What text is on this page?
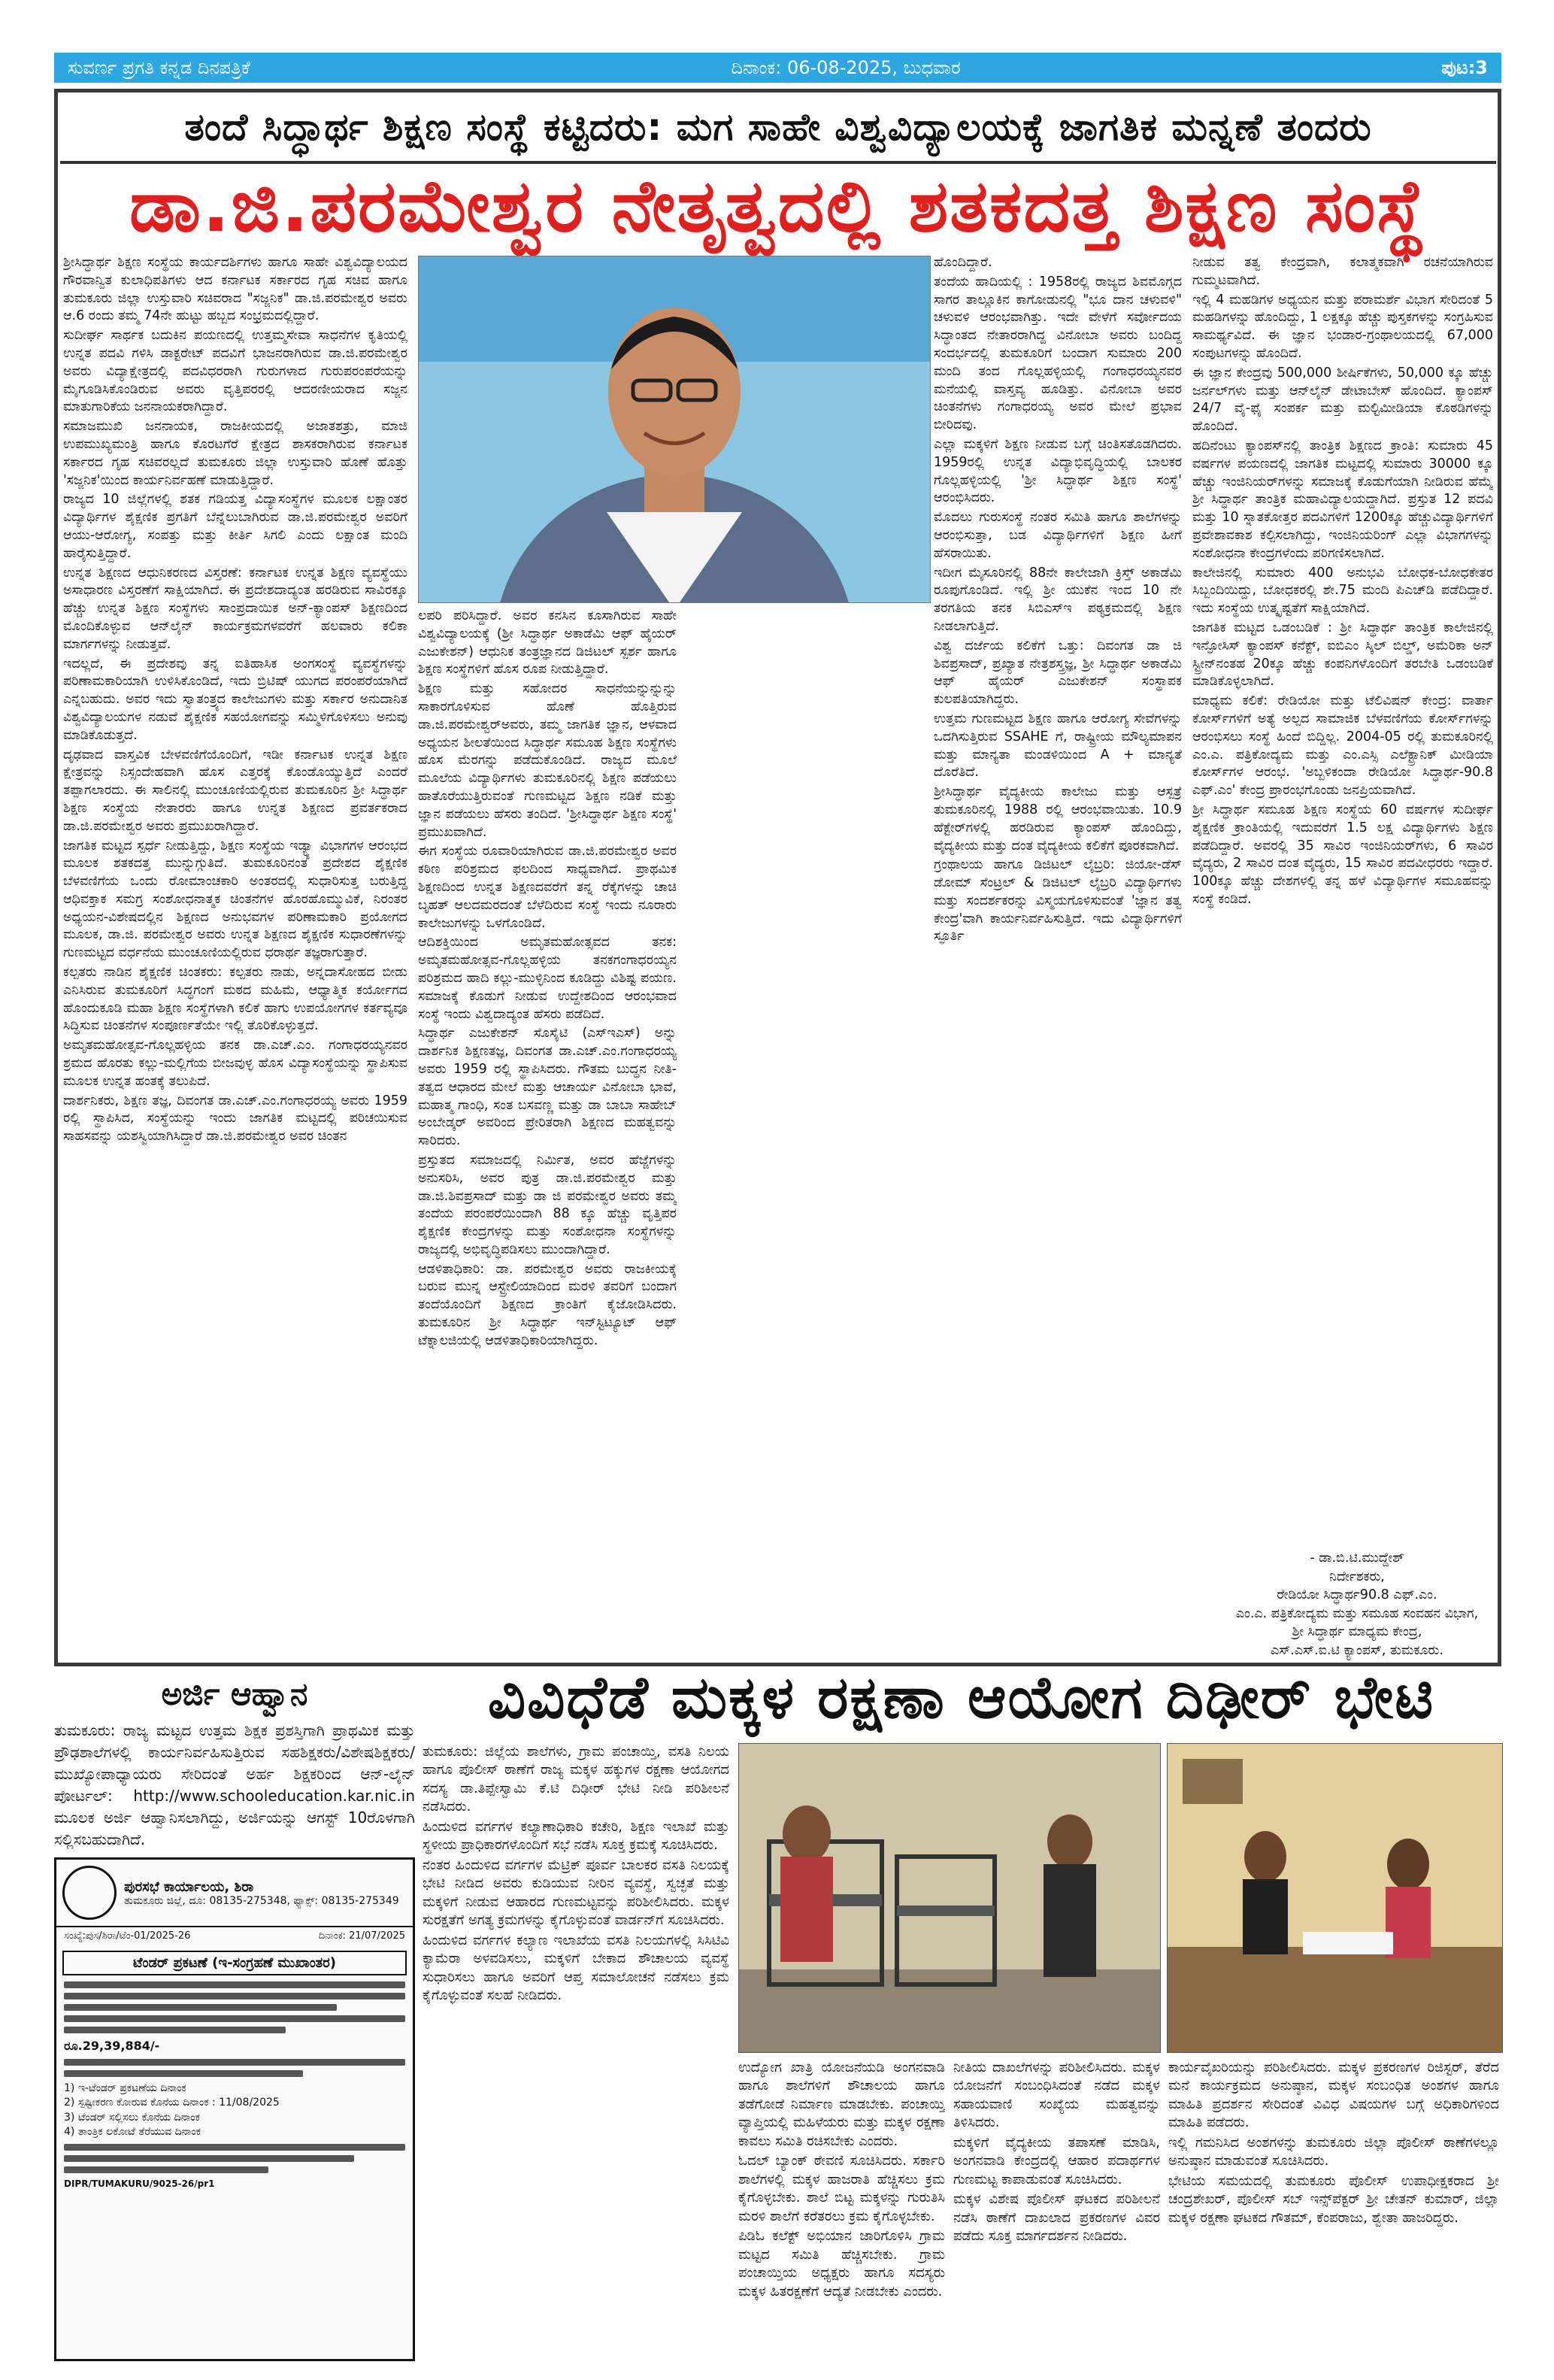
ಸುವರ್ಣ ಪ್ರಗತಿ ಕನ್ನಡ ದಿನಪತ್ರಿಕೆ	ದಿನಾಂಕ: 06-08-2025, ಬುಧವಾರ	ಪುಟ:3
ತಂದೆ ಸಿದ್ಧಾರ್ಥ ಶಿಕ್ಷಣ ಸಂಸ್ಥೆ ಕಟ್ಟಿದರು: ಮಗ ಸಾಹೇ ವಿಶ್ವವಿದ್ಯಾಲಯಕ್ಕೆ ಜಾಗತಿಕ ಮನ್ನಣೆ ತಂದರು
ಡಾ.ಜಿ.ಪರಮೇಶ್ವರ ನೇತೃತ್ವದಲ್ಲಿ ಶತಕದತ್ತ ಶಿಕ್ಷಣ ಸಂಸ್ಥೆ

ಶ್ರೀಸಿದ್ಧಾರ್ಥ ಶಿಕ್ಷಣ ಸಂಸ್ಥೆಯ ಕಾರ್ಯದರ್ಶಿಗಳು ಹಾಗೂ ಸಾಹೇ ವಿಶ್ವವಿದ್ಯಾಲಯದ ಗೌರವಾನ್ವಿತ ಕುಲಾಧಿಪತಿಗಳು ಆದ ಕರ್ನಾಟಕ ಸರ್ಕಾರದ ಗೃಹ ಸಚಿವ ಹಾಗೂ ತುಮಕೂರು ಜಿಲ್ಲಾ ಉಸ್ತುವಾರಿ ಸಚಿವರಾದ "ಸಜ್ಜನಿಕ" ಡಾ.ಜಿ.ಪರಮೇಶ್ವರ ಅವರು ಆ.6 ರಂದು ತಮ್ಮ 74ನೇ ಹುಟ್ಟು ಹಬ್ಬದ ಸಂಭ್ರಮದಲ್ಲಿದ್ದಾರೆ.

ಸುದೀರ್ಘ ಸಾರ್ಥಕ ಬದುಕಿನ ಪಯಣದಲ್ಲಿ ಉತ್ತಮ್ಮಸೇವಾ ಸಾಧನೆಗಳ ಕೃತಿಯಲ್ಲಿ ಉನ್ನತ ಪದವಿ ಗಳಿಸಿ ಡಾಕ್ಟರೇಟ್ ಪದವಿಗೆ ಭಾಜನರಾಗಿರುವ ಡಾ.ಜಿ.ಪರಮೇಶ್ವರ ಅವರು ವಿದ್ಯಾಕ್ಷೇತ್ರದಲ್ಲಿ ಪದವಿಧರರಾಗಿ ಗುರುಗಳಾದ ಗುರುಪರಂಪರೆಯನ್ನು ಮೈಗೂಡಿಸಿಕೊಂಡಿರುವ ಅವರು ವೃತ್ತಿಪರರಲ್ಲಿ ಆದರಣೀಯರಾದ ಸಜ್ಜನ ಮಾತುಗಾರಿಕೆಯ ಜನನಾಯಕರಾಗಿದ್ದಾರೆ.

ಸಮಾಜಮುಖಿ ಜನನಾಯಕ, ರಾಜಕೀಯದಲ್ಲಿ ಅಜಾತಶತ್ರು, ಮಾಜಿ ಉಪಮುಖ್ಯಮಂತ್ರಿ ಹಾಗೂ ಕೊರಟಗೆರೆ ಕ್ಷೇತ್ರದ ಶಾಸಕರಾಗಿರುವ ಕರ್ನಾಟಕ ಸರ್ಕಾರದ ಗೃಹ ಸಚಿವರಲ್ಲದೆ ತುಮಕೂರು ಜಿಲ್ಲಾ ಉಸ್ತುವಾರಿ ಹೊಣೆ ಹೊತ್ತು 'ಸಜ್ಜನಿಕ'ಯಿಂದ ಕಾರ್ಯನಿರ್ವಹಣೆ ಮಾಡುತ್ತಿದ್ದಾರೆ.

ರಾಜ್ಯದ 10 ಜಿಲ್ಲೆಗಳಲ್ಲಿ ಶತಕ ಗಡಿಯತ್ತ ವಿದ್ಯಾಸಂಸ್ಥೆಗಳ ಮೂಲಕ ಲಕ್ಷಾಂತರ ವಿದ್ಯಾರ್ಥಿಗಳ ಶೈಕ್ಷಣಿಕ ಪ್ರಗತಿಗೆ ಬೆನ್ನೆಲುಬಾಗಿರುವ ಡಾ.ಜಿ.ಪರಮೇಶ್ವರ ಅವರಿಗೆ ಆಯು-ಆರೋಗ್ಯ, ಸಂಪತ್ತು ಮತ್ತು ಕೀರ್ತಿ ಸಿಗಲಿ ಎಂದು ಲಕ್ಷಾಂತ ಮಂದಿ ಹಾರೈಸುತ್ತಿದ್ದಾರೆ.

ಉನ್ನತ ಶಿಕ್ಷಣದ ಆಧುನಿಕರಣದ ವಿಸ್ತರಣೆ: ಕರ್ನಾಟಕ ಉನ್ನತ ಶಿಕ್ಷಣ ವ್ಯವಸ್ಥೆಯು ಅಸಾಧಾರಣ ವಿಸ್ತರಣೆಗೆ ಸಾಕ್ಷಿಯಾಗಿದೆ. ಈ ಪ್ರದೇಶದಾದ್ಯಂತ ಹರಡಿರುವ ಸಾವಿರಕ್ಕೂ ಹೆಚ್ಚು ಉನ್ನತ ಶಿಕ್ಷಣ ಸಂಸ್ಥೆಗಳು ಸಾಂಪ್ರದಾಯಿಕ ಅನ್-ಕ್ಯಾಂಪಸ್ ಶಿಕ್ಷಣದಿಂದ ಮೊಂದಿಕೊಳ್ಳುವ ಆನ್‌ಲೈನ್ ಕಾರ್ಯಕ್ರಮಗಳವರೆಗೆ ಹಲವಾರು ಕಲಿಕಾ ಮಾರ್ಗಗಳನ್ನು ನೀಡುತ್ತವೆ.

ಇದಲ್ಲದೆ, ಈ ಪ್ರದೇಶವು ತನ್ನ ಐತಿಹಾಸಿಕ ಅಂಗಸಂಸ್ಥೆ ವ್ಯವಸ್ಥೆಗಳನ್ನು ಪರಿಣಾಮಕಾರಿಯಾಗಿ ಉಳಿಸಿಕೊಂಡಿದೆ, ಇದು ಬ್ರಿಟಿಷ್ ಯುಗದ ಪರಂಪರೆಯಾಗಿದೆ ಎನ್ನಬಹುದು. ಅವರ ಇದು ಸ್ವಾತಂತ್ರ್ಯದ ಕಾಲೇಜುಗಳು ಮತ್ತು ಸರ್ಕಾರ ಅನುದಾನಿತ ವಿಶ್ವವಿದ್ಯಾಲಯಗಳ ನಡುವೆ ಶೈಕ್ಷಣಿಕ ಸಹಯೋಗವನ್ನು ಸಮ್ಮಿಳಿಗೊಳಿಸಲು ಅನುವು ಮಾಡಿಕೊಡುತ್ತದೆ.

ದೃಢವಾದ ವಾಸ್ತವಿಕ ಬೇಳವಣಿಗೆಯೊಂದಿಗೆ, ಇಡೀ ಕರ್ನಾಟಕ ಉನ್ನತ ಶಿಕ್ಷಣ ಕ್ಷೇತ್ರವನ್ನು ನಿಸ್ಸಂದೇಹವಾಗಿ ಹೊಸ ಎತ್ತರಕ್ಕೆ ಕೊಂಡೊಯ್ಯುತ್ತಿದೆ ಎಂದರೆ ತಪ್ಪಾಗಲಾರದು. ಈ ಸಾಲಿನಲ್ಲಿ ಮುಂಚೂಣಿಯಲ್ಲಿರುವ ತುಮಕೂರಿನ ಶ್ರೀ ಸಿದ್ಧಾರ್ಥ ಶಿಕ್ಷಣ ಸಂಸ್ಥೆಯ ನೇತಾರರು ಹಾಗೂ ಉನ್ನತ ಶಿಕ್ಷಣದ ಪ್ರವರ್ತಕರಾದ ಡಾ.ಜಿ.ಪರಮೇಶ್ವರ ಅವರು ಪ್ರಮುಖರಾಗಿದ್ದಾರೆ.

ಜಾಗತಿಕ ಮಟ್ಟದ ಸ್ಪರ್ಧೆ ನೀಡುತ್ತಿದ್ದು, ಶಿಕ್ಷಣ ಸಂಸ್ಥೆಯ ಇಡ್ಯ್ಯಾ ವಿಭಾಗಗಳ ಆರಂಭದ ಮೂಲಕ ಶತಕದತ್ತ ಮುನ್ನುಗ್ಗುತಿದೆ. ತುಮಕೂರಿನಂತ ಪ್ರದೇಶದ ಶೈಕ್ಷಣಿಕ ಬೆಳವಣಿಗೆಯ ಒಂದು ರೋಮಾಂಚಕಾರಿ ಅಂತರದಲ್ಲಿ ಸುಧಾರಿಸುತ್ತ ಬರುತ್ತಿದ್ದ ಆಧಿವಕ್ತಾಕ ಸಮಗ್ರ ಸಂಶೋಧನಾತ್ಮಕ ಚಿಂತನೆಗಳ ಹೊರಹೊಮ್ಮುವಿಕೆ, ನಿರಂತರ ಅಧ್ಯಯನ-ವಿಶೇಷದಲ್ಲಿನ ಶಿಕ್ಷಣದ ಅನುಭವಗಳ ಪರಿಣಾಮಕಾರಿ ಪ್ರಯೋಗದ ಮೂಲಕ, ಡಾ.ಜಿ. ಪರಮೇಶ್ವರ ಅವರು ಉನ್ನತ ಶಿಕ್ಷಣದ ಶೈಕ್ಷಣಿಕ ಸುಧಾರಣೆಗಳನ್ನು ಗುಣಮಟ್ಟದ ವರ್ಧನೆಯ ಮುಂಚೂಣಿಯಲ್ಲಿರುವ ಧರಾರ್ಥ ತಜ್ಞರಾಗುತ್ತಾರೆ.

ಕಲ್ಪತರು ನಾಡಿನ ಶೈಕ್ಷಣಿಕ ಚಿಂತಕರು: ಕಲ್ಪತರು ನಾಡು, ಅನ್ನದಾಸೋಹದ ಬೀಡು ಎನಿಸಿರುವ ತುಮಕೂರಿಗೆ ಸಿದ್ಧಗಂಗೆ ಮಠದ ಮಹಿಮೆ, ಆಧ್ಯಾತ್ಮಿಕ ಕರ್ಯೋಗದ ಹೊಂದುಕೂಡಿ ಮಹಾ ಶಿಕ್ಷಣ ಸಂಸ್ಥೆಗಳಾಗಿ ಕಲಿಕೆ ಹಾಗು ಉಪಯೋಗಗಳ ಕರ್ತವ್ಯವೂ ಸಿದ್ಧಿಸುವ ಚಿಂತನೆಗಳ ಸಂಪೂರ್ಣತೆಯೇ ಇಲ್ಲಿ ತೊರಿಕೊಳ್ಳುತ್ತದೆ.

ಅಮೃತಮಹೋತ್ಸವ-ಗೊಲ್ಲಹಳ್ಳಿಯ ತನಕ ಡಾ.ಎಚ್.ಎಂ. ಗಂಗಾಧರಯ್ಯನವರ ಶ್ರಮದ ಹೊರತು ಕಲ್ಲು-ಮಲ್ಲಿಗೆಯ ಬೀಜವುಳ್ಳ ಹೊಸ ವಿದ್ಯಾಸಂಸ್ಥೆಯನ್ನು ಸ್ಥಾಪಿಸುವ ಮೂಲಕ ಉನ್ನತ ಹಂತಕ್ಕೆ ತಲುಪಿದೆ.

ದಾರ್ಶನಿಕರು, ಶಿಕ್ಷಣ ತಜ್ಞ, ದಿವಂಗತ ಡಾ.ಎಚ್.ಎಂ.ಗಂಗಾಧರಯ್ಯ ಅವರು 1959 ರಲ್ಲಿ ಸ್ಥಾಪಿಸಿದ, ಸಂಸ್ಥೆಯನ್ನು ಇಂದು ಜಾಗತಿಕ ಮಟ್ಟದಲ್ಲಿ ಪರಿಚಯಿಸುವ ಸಾಹಸವನ್ನು ಯಶಸ್ವಿಯಾಗಿಸಿದ್ದಾರೆ ಡಾ.ಜಿ.ಪರಮೇಶ್ವರ ಅವರ ಚಿಂತನ

ಲಪರಿ ಪರಿಸಿದ್ದಾರೆ. ಅವರ ಕನಸಿನ ಕೂಸಾಗಿರುವ ಸಾಹೇ ವಿಶ್ವವಿದ್ಯಾಲಯಕ್ಕೆ (ಶ್ರೀ ಸಿದ್ಧಾರ್ಥ ಅಕಾಡೆಮಿ ಆಫ್ ಹೈಯರ್ ಎಜುಕೇಶನ್) ಆಧುನಿಕ ತಂತ್ರಜ್ಞಾನದ ಡಿಜಿಟಲ್ ಸ್ಪರ್ಶ ಹಾಗೂ ಶಿಕ್ಷಣ ಸಂಸ್ಥೆಗಳಿಗೆ ಹೊಸ ರೂಪ ನೀಡುತ್ತಿದ್ದಾರೆ.

ಶಿಕ್ಷಣ ಮತ್ತು ಸಹೋದರ ಸಾಧನೆಯನ್ನುನ್ನುನ್ನು ಸಾಕಾರಗೊಳಿಸುವ ಹೊಣೆ ಹೊತ್ತಿರುವ ಡಾ.ಜಿ.ಪರಮೇಶ್ವರ್‌ಅವರು, ತಮ್ಮ ಜಾಗತಿಕ ಜ್ಞಾನ, ಆಳವಾದ ಅಧ್ಯಯನ ಶೀಲತೆಯಿಂದ ಸಿದ್ಧಾರ್ಥ ಸಮೂಹ ಶಿಕ್ಷಣ ಸಂಸ್ಥೆಗಳು ಹೊಸ ಮೆರಗನ್ನು ಪಡೆದುಕೊಂಡಿದೆ. ರಾಜ್ಯದ ಮೂಲೆ ಮೂಲೆಯ ವಿದ್ಯಾರ್ಥಿಗಳು ತುಮಕೂರಿನಲ್ಲಿ ಶಿಕ್ಷಣ ಪಡೆಯಲು ಹಾತೊರೆಯುತ್ತಿರುವಂತೆ ಗುಣಮಟ್ಟದ ಶಿಕ್ಷಣ ನಡಿಕೆ ಮತ್ತು ಜ್ಞಾನ ಪಡೆಯಲು ಹೆಸರು ತಂದಿದೆ. 'ಶ್ರೀಸಿದ್ಧಾರ್ಥ ಶಿಕ್ಷಣ ಸಂಸ್ಥೆ' ಪ್ರಮುಖವಾಗಿದೆ.

ಈಗ ಸಂಸ್ಥೆಯ ರೂವಾರಿಯಾಗಿರುವ ಡಾ.ಜಿ.ಪರಮೇಶ್ವರ ಅವರ ಕಠಿಣ ಪರಿಶ್ರಮದ ಫಲದಿಂದ ಸಾಧ್ಯವಾಗಿದೆ. ಪ್ರಾಥಮಿಕ ಶಿಕ್ಷಣದಿಂದ ಉನ್ನತ ಶಿಕ್ಷಣದವರೆಗೆ ತನ್ನ ರೆಕ್ಕೆಗಳನ್ನು ಚಾಚಿ ಬೃಹತ್ ಆಲದಮರದಂತೆ ಬೆಳೆದಿರುವ ಸಂಸ್ಥೆ ಇಂದು ನೂರಾರು ಕಾಲೇಜುಗಳನ್ನು ಒಳಗೊಂಡಿದೆ.

ಆದಿಶಕ್ತಿಯಿಂದ ಅಮೃತಮಹೋತ್ಸವದ ತನಕ: ಅಮೃತಮಹೋತ್ಸವ-ಗೊಲ್ಲಹಳ್ಳಿಯ ತನಕಗಂಗಾಧರಯ್ಯನ ಪರಿಶ್ರಮದ ಹಾದಿ ಕಲ್ಲು-ಮುಳ್ಳಿನಿಂದ ಕೂಡಿದ್ದು ವಿಶಿಷ್ಟ ಪಯಣ. ಸಮಾಜಕ್ಕೆ ಕೊಡುಗೆ ನೀಡುವ ಉದ್ದೇಶದಿಂದ ಆರಂಭವಾದ ಸಂಸ್ಥೆ ಇಂದು ವಿಶ್ವದಾದ್ಯಂತ ಹೆಸರು ಪಡೆದಿದೆ.

ಸಿದ್ಧಾರ್ಥ ಎಜುಕೇಶನ್ ಸೊಸೈಟಿ (ಎಸ್‌ಇಎಸ್) ಅನ್ನು ದಾರ್ಶನಿಕ ಶಿಕ್ಷಣತಜ್ಞ, ದಿವಂಗತ ಡಾ.ಎಚ್.ಎಂ.ಗಂಗಾಧರಯ್ಯ ಅವರು 1959 ರಲ್ಲಿ ಸ್ಥಾಪಿಸಿದರು. ಗೌತಮ ಬುದ್ಧನ ನೀತಿ-ತತ್ವದ ಆಧಾರದ ಮೇಲೆ ಮತ್ತು ಆಚಾರ್ಯ ವಿನೋಬಾ ಭಾವೆ, ಮಹಾತ್ಮ ಗಾಂಧಿ, ಸಂತ ಬಸವಣ್ಣ ಮತ್ತು ಡಾ ಬಾಬಾ ಸಾಹೇಬ್ ಅಂಬೇಡ್ಕರ್ ಅವರಿಂದ ಪ್ರೇರಿತರಾಗಿ ಶಿಕ್ಷಣದ ಮಹತ್ವವನ್ನು ಸಾರಿದರು.

ಪ್ರಸ್ತುತದ ಸಮಾಜದಲ್ಲಿ ನಿರ್ಮಿತ, ಅವರ ಹೆಜ್ಜೆಗಳನ್ನು ಅನುಸರಿಸಿ, ಅವರ ಪುತ್ರ ಡಾ.ಜಿ.ಪರಮೇಶ್ವರ ಮತ್ತು ಡಾ.ಜಿ.ಶಿವಪ್ರಸಾದ್ ಮತ್ತು ಡಾ ಜಿ ಪರಮೇಶ್ವರ ಅವರು ತಮ್ಮ ತಂದೆಯ ಪರಂಪರೆಯಿಂದಾಗಿ 88 ಕ್ಕೂ ಹೆಚ್ಚು ವೃತ್ತಿಪರ ಶೈಕ್ಷಣಿಕ ಕೇಂದ್ರಗಳನ್ನು ಮತ್ತು ಸಂಶೋಧನಾ ಸಂಸ್ಥೆಗಳನ್ನು ರಾಜ್ಯದಲ್ಲಿ ಅಭಿವೃದ್ಧಿಪಡಿಸಲು ಮುಂದಾಗಿದ್ದಾರೆ.

ಆಡಳಿತಾಧಿಕಾರಿ: ಡಾ. ಪರಮೇಶ್ವರ ಅವರು ರಾಜಕೀಯಕ್ಕೆ ಬರುವ ಮುನ್ನ ಆಸ್ಟ್ರೇಲಿಯಾದಿಂದ ಮರಳಿ ತವರಿಗೆ ಬಂದಾಗ ತಂದೆಯೊಂದಿಗೆ ಶಿಕ್ಷಣದ ಕ್ರಾಂತಿಗೆ ಕೈಜೋಡಿಸಿದರು. ತುಮಕೂರಿನ ಶ್ರೀ ಸಿದ್ಧಾರ್ಥ ಇನ್‌ಸ್ಟಿಟ್ಯೂಟ್ ಆಫ್ ಟೆಕ್ನಾಲಜಿಯಲ್ಲಿ ಆಡಳಿತಾಧಿಕಾರಿಯಾಗಿದ್ದರು.

ಹೊಂದಿದ್ದಾರೆ.

ತಂದೆಯ ಹಾದಿಯಲ್ಲಿ : 1958ರಲ್ಲಿ ರಾಜ್ಯದ ಶಿವಮೊಗ್ಗದ ಸಾಗರ ತಾಲ್ಲೂಕಿನ ಕಾಗೋಡುನಲ್ಲಿ "ಭೂ ದಾನ ಚಳುವಳಿ" ಚಳುವಳಿ ಆರಂಭವಾಗಿತ್ತು. ಇದೇ ವೇಳೆಗೆ ಸರ್ವೋದಯ ಸಿದ್ಧಾಂತದ ನೇತಾರರಾಗಿದ್ದ ವಿನೋಬಾ ಅವರು ಬಂದಿದ್ದ ಸಂದರ್ಭದಲ್ಲಿ ತುಮಕೂರಿಗೆ ಬಂದಾಗ ಸುಮಾರು 200 ಮಂದಿ ತಂದ ಗೊಲ್ಲಹಳ್ಳಿಯಲ್ಲಿ ಗಂಗಾಧರಯ್ಯನವರ ಮನೆಯಲ್ಲಿ ವಾಸ್ತವ್ಯ ಹೂಡಿತ್ತು. ವಿನೋಬಾ ಅವರ ಚಿಂತನೆಗಳು ಗಂಗಾಧರಯ್ಯ ಅವರ ಮೇಲೆ ಪ್ರಭಾವ ಬೀರಿದವು.

ಎಲ್ಲಾ ಮಕ್ಕಳಿಗೆ ಶಿಕ್ಷಣ ನೀಡುವ ಬಗ್ಗೆ ಚಿಂತಿಸತೊಡಗಿದರು. 1959ರಲ್ಲಿ ಉನ್ನತ ವಿದ್ಯಾಭಿವೃದ್ಧಿಯಲ್ಲಿ ಬಾಲಕರ ಗೊಲ್ಲಹಳ್ಳಿಯಲ್ಲಿ 'ಶ್ರೀ ಸಿದ್ಧಾರ್ಥ ಶಿಕ್ಷಣ ಸಂಸ್ಥೆ' ಆರಂಭಿಸಿದರು.

ಮೊದಲು ಗುರುಸಂಸ್ಥೆ ನಂತರ ಸಮಿತಿ ಹಾಗೂ ಶಾಲೆಗಳನ್ನು ಆರಂಭಿಸುತ್ತಾ, ಬಡ ವಿದ್ಯಾರ್ಥಿಗಳಿಗೆ ಶಿಕ್ಷಣ ಹೀಗೆ ಹೆಸರಾಯಿತು.

ಇದೀಗ ಮೈಸೂರಿನಲ್ಲಿ 88ನೇ ಕಾಲೇಜಾಗಿ ಕ್ರಿಸ್ತ್ ಅಕಾಡೆಮಿ ರೂಪುಗೊಂಡಿದೆ. ಇಲ್ಲಿ ಶ್ರೀ ಯುಕೆನ ಇಂದ 10 ನೇ ತರಗತಿಯ ತನಕ ಸಿಬಿಎಸ್ಇ ಪಠ್ಯಕ್ರಮದಲ್ಲಿ ಶಿಕ್ಷಣ ನೀಡಲಾಗುತ್ತಿದೆ.

ವಿಶ್ವ ದರ್ಜೆಯ ಕಲಿಕೆಗೆ ಒತ್ತು: ದಿವಂಗತ ಡಾ ಜಿ ಶಿವಪ್ರಸಾದ್, ಪ್ರಖ್ಯಾತ ನೇತ್ರಶಸ್ತ್ರಜ್ಞ, ಶ್ರೀ ಸಿದ್ಧಾರ್ಥ ಅಕಾಡೆಮಿ ಆಫ್ ಹೈಯರ್ ಎಜುಕೇಶನ್ ಸಂಸ್ಥಾಪಕ ಕುಲಪತಿಯಾಗಿದ್ದರು.

ಉತ್ತಮ ಗುಣಮಟ್ಟದ ಶಿಕ್ಷಣ ಹಾಗೂ ಆರೋಗ್ಯ ಸೇವೆಗಳನ್ನು ಒದಗಿಸುತ್ತಿರುವ SSAHE ಗೆ, ರಾಷ್ಟ್ರೀಯ ಮೌಲ್ಯಮಾಪನ ಮತ್ತು ಮಾನ್ಯತಾ ಮಂಡಳಿಯಿಂದ A + ಮಾನ್ಯತೆ ದೊರೆತಿದೆ.

ಶ್ರೀಸಿದ್ಧಾರ್ಥ ವೈದ್ಯಕೀಯ ಕಾಲೇಜು ಮತ್ತು ಆಸ್ಪತ್ರೆ ತುಮಕೂರಿನಲ್ಲಿ 1988 ರಲ್ಲಿ ಆರಂಭವಾಯಿತು. 10.9 ಹೆಕ್ಟೇರ್‌ಗಳಲ್ಲಿ ಹರಡಿರುವ ಕ್ಯಾಂಪಸ್ ಹೊಂದಿದ್ದು, ವೈದ್ಯಕೀಯ ಮತ್ತು ದಂತ ವೈದ್ಯಕೀಯ ಕಲಿಕೆಗೆ ಪೂರಕವಾಗಿದೆ.

ಗ್ರಂಥಾಲಯ ಹಾಗೂ ಡಿಜಿಟಲ್ ಲೈಬ್ರರಿ: ಜಿಯೋ-ಡೆಸ್ ಡೋಮ್ ಸೆಂಟ್ರಲ್ & ಡಿಜಿಟಲ್ ಲೈಬ್ರರಿ ವಿದ್ಯಾರ್ಥಿಗಳು ಮತ್ತು ಸಂದರ್ಶಕರನ್ನು ವಿಸ್ಮಯಗೊಳಿಸುವಂತೆ 'ಜ್ಞಾನ ತತ್ವ ಕೇಂದ್ರ'ವಾಗಿ ಕಾರ್ಯನಿರ್ವಹಿಸುತ್ತಿದೆ. ಇದು ವಿದ್ಯಾರ್ಥಿಗಳಿಗೆ ಸ್ಫೂರ್ತಿ

ನೀಡುವ ತತ್ವ ಕೇಂದ್ರವಾಗಿ, ಕಲಾತ್ಮಕವಾಗಿ ರಚನೆಯಾಗಿರುವ ಗುಮ್ಮಟವಾಗಿದೆ.

ಇಲ್ಲಿ 4 ಮಹಡಿಗಳ ಅಧ್ಯಯನ ಮತ್ತು ಪರಾಮರ್ಶೆ ವಿಭಾಗ ಸೇರಿದಂತೆ 5 ಮಹಡಿಗಳನ್ನು ಹೊಂದಿದ್ದು, 1 ಲಕ್ಷಕ್ಕೂ ಹೆಚ್ಚು ಪುಸ್ತಕಗಳನ್ನು ಸಂಗ್ರಹಿಸುವ ಸಾಮರ್ಥ್ಯವಿದೆ. ಈ ಜ್ಞಾನ ಭಂಡಾರ-ಗ್ರಂಥಾಲಯದಲ್ಲಿ 67,000 ಸಂಪುಟಗಳನ್ನು ಹೊಂದಿದೆ.

ಈ ಜ್ಞಾನ ಕೇಂದ್ರವು 500,000 ಶೀರ್ಷಿಕೆಗಳು, 50,000 ಕ್ಕೂ ಹೆಚ್ಚು ಜರ್ನಲ್‌ಗಳು ಮತ್ತು ಆನ್‌ಲೈನ್ ಡೇಟಾಬೇಸ್ ಹೊಂದಿದೆ. ಕ್ಯಾಂಪಸ್ 24/7 ವೈ-ಫೈ ಸಂಪರ್ಕ ಮತ್ತು ಮಲ್ಟಿಮೀಡಿಯಾ ಕೊಠಡಿಗಳನ್ನು ಹೊಂದಿದೆ.

ಹದಿನೆಂಟು ಕ್ಯಾಂಪಸ್‌ನಲ್ಲಿ ತಾಂತ್ರಿಕ ಶಿಕ್ಷಣದ ಕ್ರಾಂತಿ: ಸುಮಾರು 45 ವರ್ಷಗಳ ಪಯಣದಲ್ಲಿ ಜಾಗತಿಕ ಮಟ್ಟದಲ್ಲಿ ಸುಮಾರು 30000 ಕ್ಕೂ ಹೆಚ್ಚು ಇಂಜಿನಿಯರ್‌ಗಳನ್ನು ಸಮಾಜಕ್ಕೆ ಕೊಡುಗೆಯಾಗಿ ನೀಡಿರುವ ಹೆಮ್ಮೆ ಶ್ರೀ ಸಿದ್ಧಾರ್ಥ ತಾಂತ್ರಿಕ ಮಹಾವಿದ್ಯಾಲಯದ್ದಾಗಿದೆ. ಪ್ರಸ್ತುತ 12 ಪದವಿ ಮತ್ತು 10 ಸ್ನಾತಕೋತ್ತರ ಪದವಿಗಳಿಗೆ 1200ಕ್ಕೂ ಹೆಚ್ಚುವಿದ್ಯಾರ್ಥಿಗಳಿಗೆ ಪ್ರವೇಶಾವಕಾಶ ಕಲ್ಪಿಸಲಾಗಿದ್ದು, ಇಂಜಿನಿಯರಿಂಗ್ ಎಲ್ಲಾ ವಿಭಾಗಗಳನ್ನು ಸಂಶೋಧನಾ ಕೇಂದ್ರಗಳೆಂದು ಪರಿಗಣಿಸಲಾಗಿದೆ.

ಕಾಲೇಜಿನಲ್ಲಿ ಸುಮಾರು 400 ಅನುಭವಿ ಬೋಧಕ-ಬೋಧಕೇತರ ಸಿಬ್ಬಂದಿಯಿದ್ದು, ಬೋಧಕರಲ್ಲಿ ಶೇ.75 ಮಂದಿ ಪಿಎಚ್‌ಡಿ ಪಡೆದಿದ್ದಾರೆ. ಇದು ಸಂಸ್ಥೆಯ ಉತ್ಕೃಷ್ಟತೆಗೆ ಸಾಕ್ಷಿಯಾಗಿದೆ.

ಜಾಗತಿಕ ಮಟ್ಟದ ಒಡಂಬಡಿಕೆ : ಶ್ರೀ ಸಿದ್ಧಾರ್ಥ ತಾಂತ್ರಿಕ ಕಾಲೇಜಿನಲ್ಲಿ ಇನ್ಫೋಸಿಸ್ ಕ್ಯಾಂಪಸ್ ಕನೆಕ್ಟ್, ಐಬಿಎಂ ಸ್ಕಿಲ್ ಬಿಲ್ಡ್, ಅಮೆರಿಕಾ ಅನ್ ಸ್ಟ್ರೀನ್‌ನಂತಹ 20ಕ್ಕೂ ಹೆಚ್ಚು ಕಂಪನಿಗಳೊಂದಿಗೆ ತರಬೇತಿ ಒಡಂಬಡಿಕೆ ಮಾಡಿಕೊಳ್ಳಲಾಗಿದೆ.

ಮಾಧ್ಯಮ ಕಲಿಕೆ: ರೇಡಿಯೋ ಮತ್ತು ಟೆಲಿವಿಷನ್ ಕೇಂದ್ರ: ವಾರ್ತಾ ಕೋರ್ಸ್‌ಗಳಿಗೆ ಅತ್ಯೆ ಅಲ್ಪದ ಸಾಮಾಜಿಕ ಬೆಳವಣಿಗೆಯ ಕೋರ್ಸ್‌ಗಳನ್ನು ಆರಂಭಿಸಲು ಸಂಸ್ಥೆ ಹಿಂದೆ ಬಿದ್ದಿಲ್ಲ. 2004-05 ರಲ್ಲಿ ತುಮಕೂರಿನಲ್ಲಿ ಎಂ.ಎ. ಪತ್ರಿಕೋದ್ಯಮ ಮತ್ತು ಎಂ.ಎಸ್ಸಿ ಎಲೆಕ್ಟ್ರಾನಿಕ್ ಮೀಡಿಯಾ ಕೋರ್ಸ್‌ಗಳ ಆರಂಭ. 'ಅಬ್ಬಳಿಕಂದಾ ರೇಡಿಯೋ ಸಿದ್ಧಾರ್ಥ-90.8 ಎಫ್.ಎಂ' ಕೇಂದ್ರ ಪ್ರಾರಂಭಗೊಂಡು ಜನಪ್ರಿಯವಾಗಿದೆ.

ಶ್ರೀ ಸಿದ್ಧಾರ್ಥ ಸಮೂಹ ಶಿಕ್ಷಣ ಸಂಸ್ಥೆಯ 60 ವರ್ಷಗಳ ಸುದೀರ್ಘ ಶೈಕ್ಷಣಿಕ ಕ್ರಾಂತಿಯಲ್ಲಿ ಇದುವರೆಗೆ 1.5 ಲಕ್ಷ ವಿದ್ಯಾರ್ಥಿಗಳು ಶಿಕ್ಷಣ ಪಡೆದಿದ್ದಾರೆ. ಅವರಲ್ಲಿ 35 ಸಾವಿರ ಇಂಜಿನಿಯರ್‌ಗಳು, 6 ಸಾವಿರ ವೈದ್ಯರು, 2 ಸಾವಿರ ದಂತ ವೈದ್ಯರು, 15 ಸಾವಿರ ಪದವೀಧರರು ಇದ್ದಾರೆ. 100ಕ್ಕೂ ಹೆಚ್ಚು ದೇಶಗಳಲ್ಲಿ ತನ್ನ ಹಳೆ ವಿದ್ಯಾರ್ಥಿಗಳ ಸಮೂಹವನ್ನು ಸಂಸ್ಥೆ ಕಂಡಿದೆ.

- ಡಾ.ಬಿ.ಟಿ.ಮುದ್ದೇಶ್
ನಿರ್ದೇಶಕರು,
ರೇಡಿಯೋ ಸಿದ್ಧಾರ್ಥ90.8 ಎಫ್.ಎಂ.
ಎಂ.ಎ. ಪತ್ರಿಕೋದ್ಯಮ ಮತ್ತು ಸಮೂಹ ಸಂವಹನ ವಿಭಾಗ,
ಶ್ರೀ ಸಿದ್ಧಾರ್ಥ ಮಾಧ್ಯಮ ಕೇಂದ್ರ,
ಎಸ್.ಎಸ್.ಐ.ಟಿ ಕ್ಯಾಂಪಸ್, ತುಮಕೂರು.
ಅರ್ಜಿ ಆಹ್ವಾನ
ತುಮಕೂರು: ರಾಜ್ಯ ಮಟ್ಟದ ಉತ್ತಮ ಶಿಕ್ಷಕ ಪ್ರಶಸ್ತಿಗಾಗಿ ಪ್ರಾಥಮಿಕ ಮತ್ತು ಪ್ರೌಢಶಾಲೆಗಳಲ್ಲಿ ಕಾರ್ಯನಿರ್ವಹಿಸುತ್ತಿರುವ ಸಹಶಿಕ್ಷಕರು/ವಿಶೇಷಶಿಕ್ಷಕರು/ಮುಖ್ಯೋಪಾಧ್ಯಾಯರು ಸೇರಿದಂತೆ ಅರ್ಹ ಶಿಕ್ಷಕರಿಂದ ಆನ್-ಲೈನ್ ಪೋರ್ಟಲ್: http://www.schooleducation.kar.nic.in ಮೂಲಕ ಅರ್ಜಿ ಆಹ್ವಾನಿಸಲಾಗಿದ್ದು, ಅರ್ಜಿಯನ್ನು ಆಗಸ್ಟ್ 10ರೊಳಗಾಗಿ ಸಲ್ಲಿಸಬಹುದಾಗಿದೆ.
ಪುರಸಭೆ ಕಾರ್ಯಾಲಯ, ಶಿರಾ
ತುಮಕೂರು ಜಿಲ್ಲೆ, ದೂ: 08135-275348, ಫ್ಯಾಕ್ಸ್: 08135-275349
ಸಂಖ್ಯೆ:ಪುಸ/ಶಿರಾ/ಟೆಂ-01/2025-26	ದಿನಾಂಕ: 21/07/2025
ಟೆಂಡರ್ ಪ್ರಕಟಣೆ (ಇ-ಸಂಗ್ರಹಣೆ ಮುಖಾಂತರ)
ರೂ.29,39,884/-
1) ಇ-ಟೆಂಡರ್ ಪ್ರಕಟಣೆಯ ದಿನಾಂಕ
2) ಸ್ಪಷ್ಟೀಕರಣ ಕೋರುವ ಕೊನೆಯ ದಿನಾಂಕ : 11/08/2025
3) ಟೆಂಡರ್ ಸಲ್ಲಿಸಲು ಕೊನೆಯ ದಿನಾಂಕ
4) ತಾಂತ್ರಿಕ ಲಕೋಟೆ ತೆರೆಯುವ ದಿನಾಂಕ
DIPR/TUMAKURU/9025-26/pr1
ವಿವಿಧೆಡೆ ಮಕ್ಕಳ ರಕ್ಷಣಾ ಆಯೋಗ ದಿಢೀರ್ ಭೇಟಿ

ತುಮಕೂರು: ಜಿಲ್ಲೆಯ ಶಾಲೆಗಳು, ಗ್ರಾಮ ಪಂಚಾಯ್ತಿ, ವಸತಿ ನಿಲಯ ಹಾಗೂ ಪೊಲೀಸ್ ಠಾಣೆಗೆ ರಾಜ್ಯ ಮಕ್ಕಳ ಹಕ್ಕುಗಳ ರಕ್ಷಣಾ ಆಯೋಗದ ಸದಸ್ಯ ಡಾ.ತಿಪ್ಪೇಸ್ವಾಮಿ ಕೆ.ಟಿ ದಿಢೀರ್ ಭೇಟಿ ನೀಡಿ ಪರಿಶೀಲನೆ ನಡೆಸಿದರು.

ಹಿಂದುಳಿದ ವರ್ಗಗಳ ಕಲ್ಯಾಣಾಧಿಕಾರಿ ಕಚೇರಿ, ಶಿಕ್ಷಣ ಇಲಾಖೆ ಮತ್ತು ಸ್ಥಳೀಯ ಪ್ರಾಧಿಕಾರಗಳೊಂದಿಗೆ ಸಭೆ ನಡೆಸಿ ಸೂಕ್ತ ಕ್ರಮಕ್ಕೆ ಸೂಚಿಸಿದರು.

ನಂತರ ಹಿಂದುಳಿದ ವರ್ಗಗಳ ಮೆಟ್ರಿಕ್ ಪೂರ್ವ ಬಾಲಕರ ವಸತಿ ನಿಲಯಕ್ಕೆ ಭೇಟಿ ನೀಡಿದ ಅವರು ಕುಡಿಯುವ ನೀರಿನ ವ್ಯವಸ್ಥೆ, ಸ್ವಚ್ಛತೆ ಮತ್ತು ಮಕ್ಕಳಿಗೆ ನೀಡುವ ಆಹಾರದ ಗುಣಮಟ್ಟವನ್ನು ಪರಿಶೀಲಿಸಿದರು. ಮಕ್ಕಳ ಸುರಕ್ಷತೆಗೆ ಅಗತ್ಯ ಕ್ರಮಗಳನ್ನು ಕೈಗೊಳ್ಳುವಂತೆ ವಾರ್ಡನ್‌ಗೆ ಸೂಚಿಸಿದರು.

ಹಿಂದುಳಿದ ವರ್ಗಗಳ ಕಲ್ಯಾಣ ಇಲಾಖೆಯ ವಸತಿ ನಿಲಯಗಳಲ್ಲಿ ಸಿಸಿಟಿವಿ ಕ್ಯಾಮೆರಾ ಅಳವಡಿಸಲು, ಮಕ್ಕಳಿಗೆ ಬೇಕಾದ ಶೌಚಾಲಯ ವ್ಯವಸ್ಥೆ ಸುಧಾರಿಸಲು ಹಾಗೂ ಅವರಿಗೆ ಆಪ್ತ ಸಮಾಲೋಚನೆ ನಡೆಸಲು ಕ್ರಮ ಕೈಗೊಳ್ಳುವಂತೆ ಸಲಹೆ ನೀಡಿದರು.

ಉದ್ಯೋಗ ಖಾತ್ರಿ ಯೋಜನೆಯಡಿ ಅಂಗನವಾಡಿ ಹಾಗೂ ಶಾಲೆಗಳಿಗೆ ಶೌಚಾಲಯ ಹಾಗೂ ತಡೆಗೋಡೆ ನಿರ್ಮಾಣ ಮಾಡಬೇಕು. ಪಂಚಾಯ್ತಿ ವ್ಯಾಪ್ತಿಯಲ್ಲಿ ಮಹಿಳೆಯರು ಮತ್ತು ಮಕ್ಕಳ ರಕ್ಷಣಾ ಕಾವಲು ಸಮಿತಿ ರಚಿಸಬೇಕು ಎಂದರು.

ಓದಲ್ ಬ್ಯಾಂಕ್ ಠೇವಣಿ ಸೂಚಿಸಿದರು. ಸರ್ಕಾರಿ ಶಾಲೆಗಳಲ್ಲಿ ಮಕ್ಕಳ ಹಾಜರಾತಿ ಹೆಚ್ಚಿಸಲು ಕ್ರಮ ಕೈಗೊಳ್ಳಬೇಕು. ಶಾಲೆ ಬಿಟ್ಟ ಮಕ್ಕಳನ್ನು ಗುರುತಿಸಿ ಮರಳಿ ಶಾಲೆಗೆ ಕರೆತರಲು ಕ್ರಮ ಕೈಗೊಳ್ಳಬೇಕು.

ಪಿಡಿಓ ಕಲೆಕ್ಟ್ ಅಭಿಯಾನ ಜಾರಿಗೊಳಿಸಿ ಗ್ರಾಮ ಮಟ್ಟದ ಸಮಿತಿ ಹೆಚ್ಚಿಸಬೇಕು. ಗ್ರಾಮ ಪಂಚಾಯ್ತಿಯ ಅಧ್ಯಕ್ಷರು ಹಾಗೂ ಸದಸ್ಯರು ಮಕ್ಕಳ ಹಿತರಕ್ಷಣೆಗೆ ಆದ್ಯತೆ ನೀಡಬೇಕು ಎಂದರು.

ನೀತಿಯ ದಾಖಲೆಗಳನ್ನು ಪರಿಶೀಲಿಸಿದರು. ಮಕ್ಕಳ ಯೋಜನೆಗೆ ಸಂಬಂಧಿಸಿದಂತೆ ನಡೆದ ಮಕ್ಕಳ ಸಹಾಯವಾಣಿ ಸಂಖ್ಯೆಯ ಮಹತ್ವವನ್ನು ತಿಳಿಸಿದರು.

ಮಕ್ಕಳಿಗೆ ವೈದ್ಯಕೀಯ ತಪಾಸಣೆ ಮಾಡಿಸಿ, ಅಂಗನವಾಡಿ ಕೇಂದ್ರದಲ್ಲಿ ಆಹಾರ ಪದಾರ್ಥಗಳ ಗುಣಮಟ್ಟ ಕಾಪಾಡುವಂತೆ ಸೂಚಿಸಿದರು.

ಮಕ್ಕಳ ವಿಶೇಷ ಪೊಲೀಸ್ ಘಟಕದ ಪರಿಶೀಲನೆ ನಡೆಸಿ ಠಾಣೆಗೆ ದಾಖಲಾದ ಪ್ರಕರಣಗಳ ವಿವರ ಪಡೆದು ಸೂಕ್ತ ಮಾರ್ಗದರ್ಶನ ನೀಡಿದರು.

ಕಾರ್ಯವೈಖರಿಯನ್ನು ಪರಿಶೀಲಿಸಿದರು. ಮಕ್ಕಳ ಪ್ರಕರಣಗಳ ರಿಜಿಸ್ಟರ್, ತೆರೆದ ಮನೆ ಕಾರ್ಯಕ್ರಮದ ಅನುಷ್ಠಾನ, ಮಕ್ಕಳ ಸಂಬಂಧಿತ ಅಂಶಗಳ ಹಾಗೂ ಮಾಹಿತಿ ಪ್ರದರ್ಶನ ಸೇರಿದಂತೆ ವಿವಿಧ ವಿಷಯಗಳ ಬಗ್ಗೆ ಅಧಿಕಾರಿಗಳಿಂದ ಮಾಹಿತಿ ಪಡೆದರು.

ಇಲ್ಲಿ ಗಮನಿಸಿದ ಅಂಶಗಳನ್ನು ತುಮಕೂರು ಜಿಲ್ಲಾ ಪೊಲೀಸ್ ಠಾಣೆಗಳಲ್ಲೂ ಅನುಷ್ಠಾನ ಮಾಡುವಂತೆ ಸೂಚಿಸಿದರು.

ಭೇಟಿಯ ಸಮಯದಲ್ಲಿ ತುಮಕೂರು ಪೊಲೀಸ್ ಉಪಾಧೀಕ್ಷಕರಾದ ಶ್ರೀ ಚಂದ್ರಶೇಖರ್, ಪೊಲೀಸ್ ಸಬ್ ಇನ್ಸ್‌ಪೆಕ್ಟರ್ ಶ್ರೀ ಚೇತನ್ ಕುಮಾರ್, ಜಿಲ್ಲಾ ಮಕ್ಕಳ ರಕ್ಷಣಾ ಘಟಕದ ಗೌತಮ್, ಕೆಂಪರಾಜು, ಶ್ವೇತಾ ಹಾಜರಿದ್ದರು.
